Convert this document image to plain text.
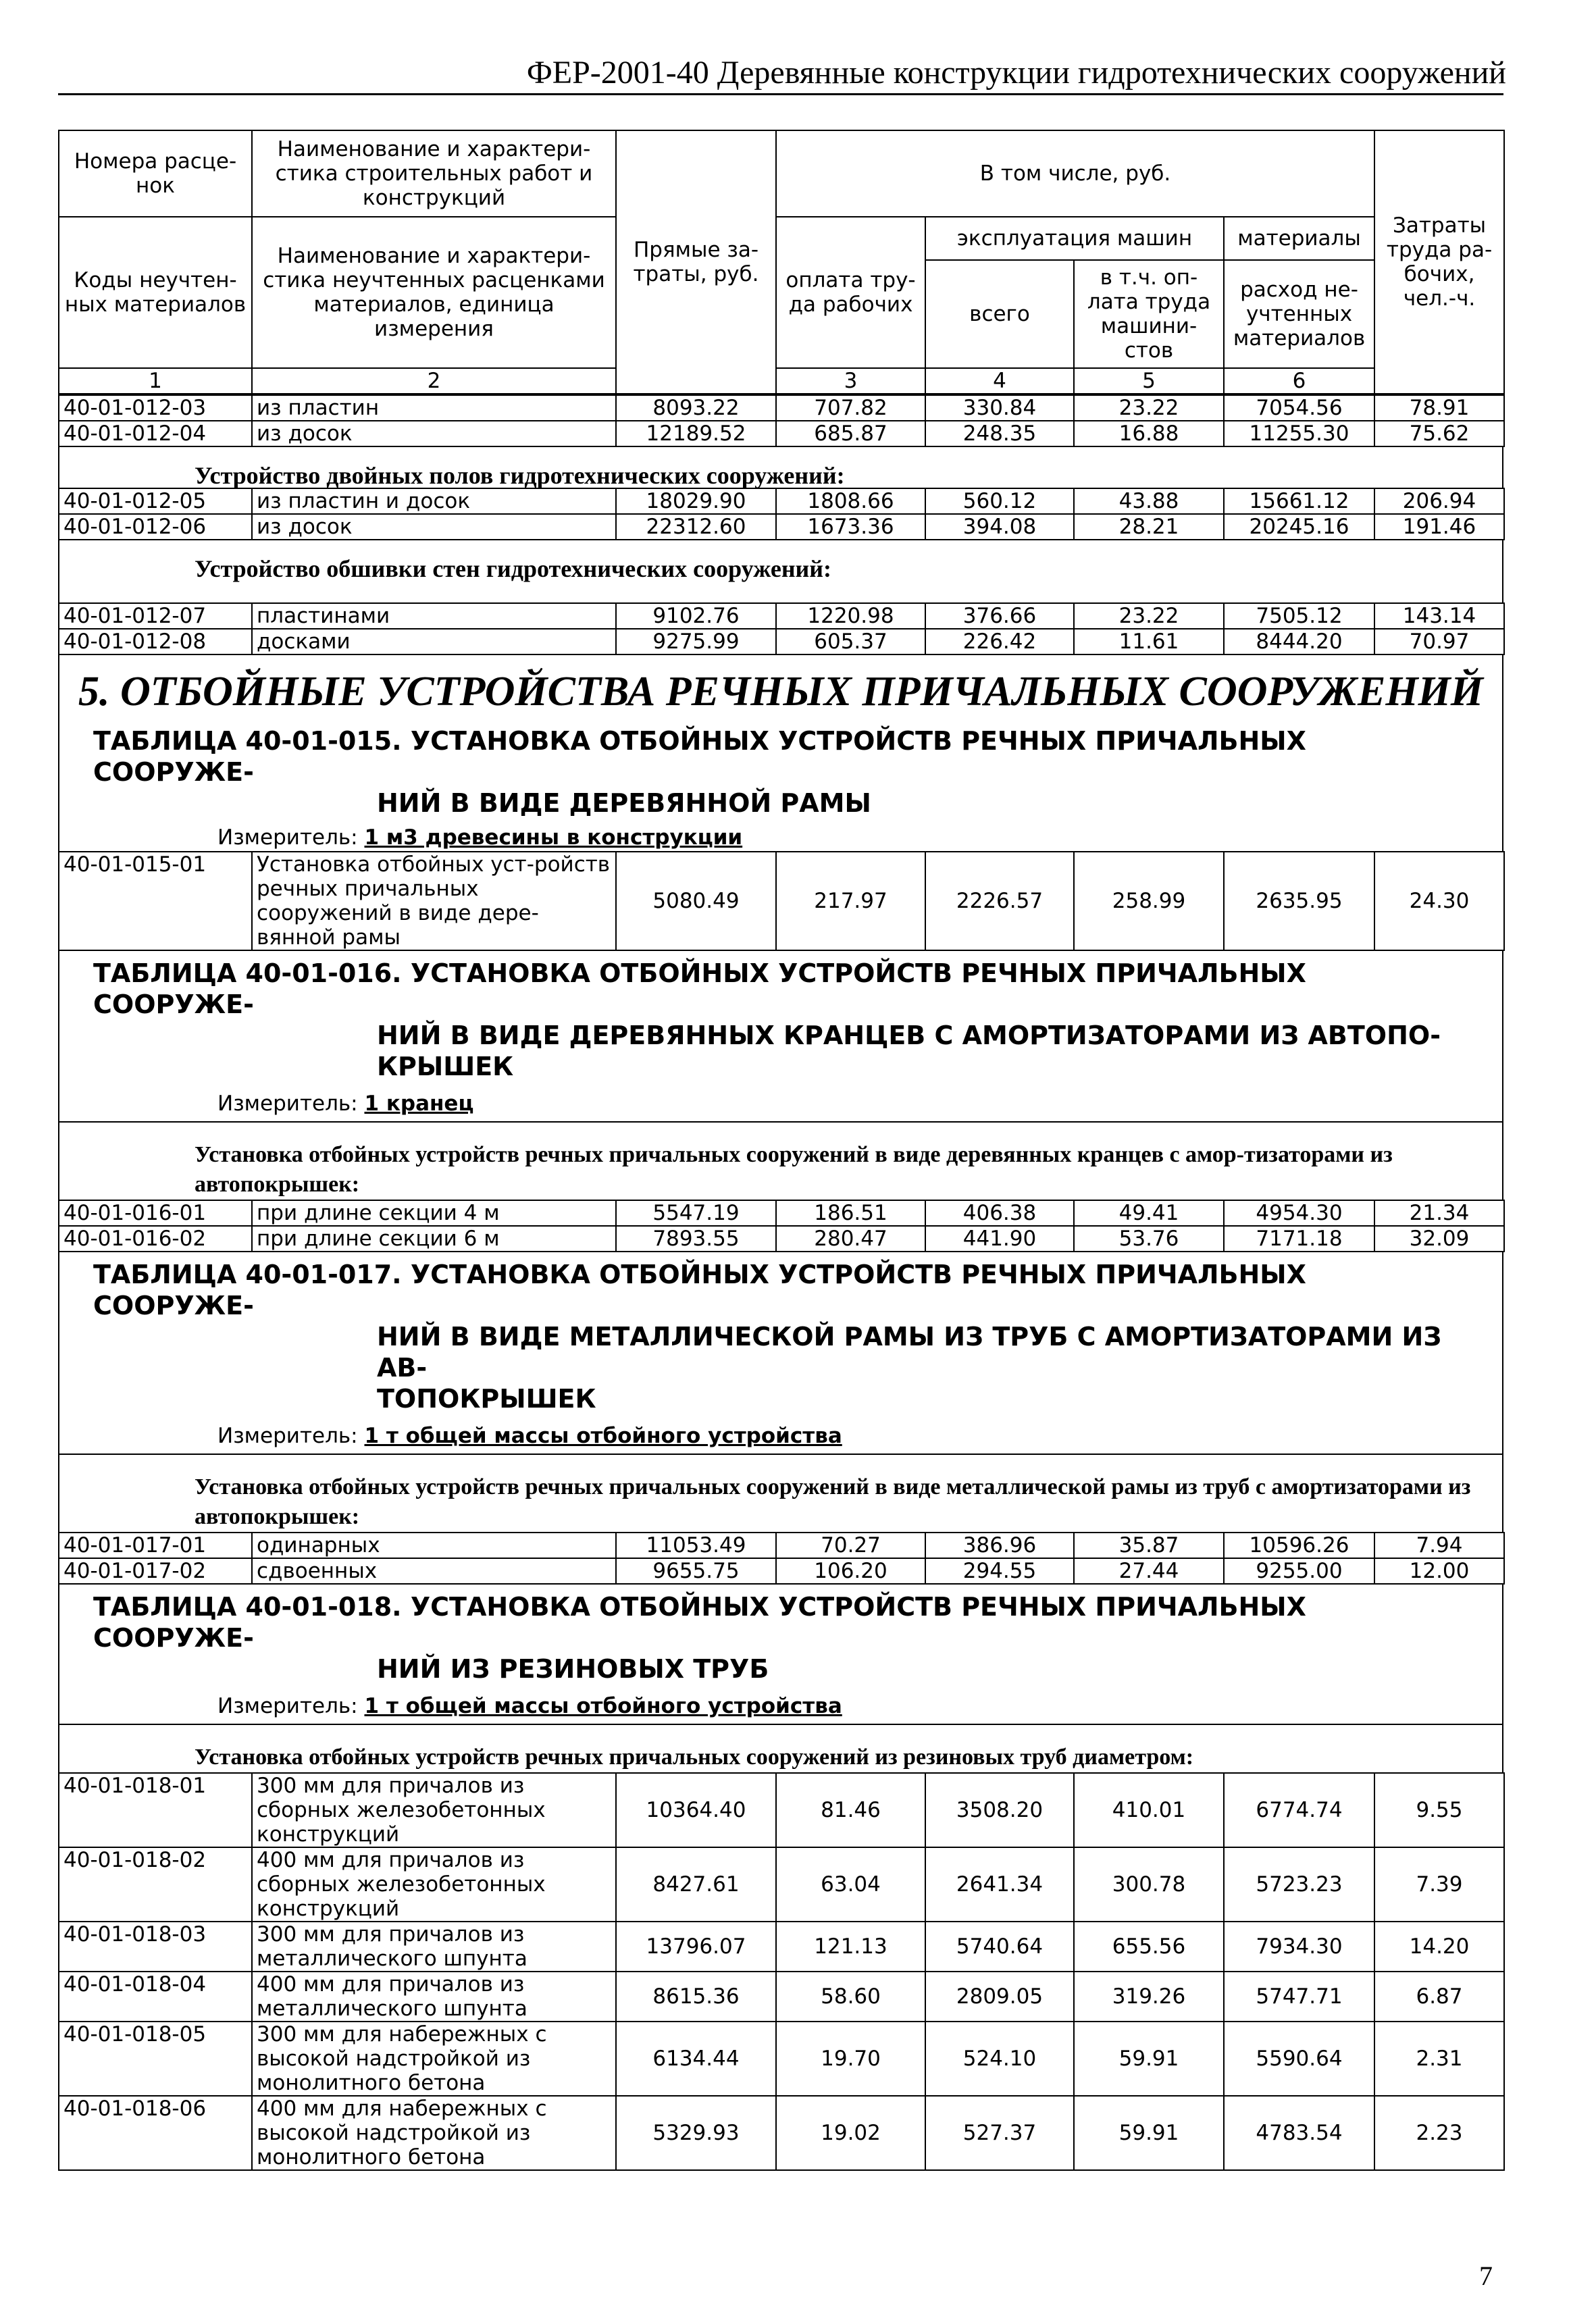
ФЕР-2001-40 Деревянные конструкции гидротехнических сооружений
Номера расце-нок	Наименование и характери-стика строительных работ и конструкций	Прямые за-траты, руб.	В том числе, руб.				Затраты труда ра-бочих, чел.-ч.	
Коды неучтен-ных материалов	Наименование и характери-стика неучтенных расценками материалов, единица измерения		оплата тру-да рабочих	эксплуатация машин		материалы		
				всего	в т.ч. оп-лата труда машини-стов	расход не-учтенных материалов		
1	2		3	4	5	6		
40-01-012-03	из пластин	8093.22	707.82	330.84	23.22	7054.56	78.91
40-01-012-04	из досок	12189.52	685.87	248.35	16.88	11255.30	75.62
Устройство двойных полов гидротехнических сооружений:
40-01-012-05	из пластин и досок	18029.90	1808.66	560.12	43.88	15661.12	206.94
40-01-012-06	из досок	22312.60	1673.36	394.08	28.21	20245.16	191.46
Устройство обшивки стен гидротехнических сооружений:
40-01-012-07	пластинами	9102.76	1220.98	376.66	23.22	7505.12	143.14
40-01-012-08	досками	9275.99	605.37	226.42	11.61	8444.20	70.97
5. ОТБОЙНЫЕ УСТРОЙСТВА РЕЧНЫХ ПРИЧАЛЬНЫХ СООРУЖЕНИЙ
ТАБЛИЦА 40-01-015. УСТАНОВКА ОТБОЙНЫХ УСТРОЙСТВ РЕЧНЫХ ПРИЧАЛЬНЫХ СООРУЖЕ-
НИЙ В ВИДЕ ДЕРЕВЯННОЙ РАМЫ
Измеритель: 1 м3 древесины в конструкции
40-01-015-01	Установка отбойных уст-ройств речных причальных сооружений в виде дере-вянной рамы	5080.49	217.97	2226.57	258.99	2635.95	24.30
ТАБЛИЦА 40-01-016. УСТАНОВКА ОТБОЙНЫХ УСТРОЙСТВ РЕЧНЫХ ПРИЧАЛЬНЫХ СООРУЖЕ-
НИЙ В ВИДЕ ДЕРЕВЯННЫХ КРАНЦЕВ С АМОРТИЗАТОРАМИ ИЗ АВТОПО-
КРЫШЕК
Измеритель: 1 кранец
Установка отбойных устройств речных причальных сооружений в виде деревянных кранцев с амор-тизаторами из автопокрышек:
40-01-016-01	при длине секции 4 м	5547.19	186.51	406.38	49.41	4954.30	21.34
40-01-016-02	при длине секции 6 м	7893.55	280.47	441.90	53.76	7171.18	32.09
ТАБЛИЦА 40-01-017. УСТАНОВКА ОТБОЙНЫХ УСТРОЙСТВ РЕЧНЫХ ПРИЧАЛЬНЫХ СООРУЖЕ-
НИЙ В ВИДЕ МЕТАЛЛИЧЕСКОЙ РАМЫ ИЗ ТРУБ С АМОРТИЗАТОРАМИ ИЗ АВ-
ТОПОКРЫШЕК
Измеритель: 1 т общей массы отбойного устройства
Установка отбойных устройств речных причальных сооружений в виде металлической рамы из труб с амортизаторами из автопокрышек:
40-01-017-01	одинарных	11053.49	70.27	386.96	35.87	10596.26	7.94
40-01-017-02	сдвоенных	9655.75	106.20	294.55	27.44	9255.00	12.00
ТАБЛИЦА 40-01-018. УСТАНОВКА ОТБОЙНЫХ УСТРОЙСТВ РЕЧНЫХ ПРИЧАЛЬНЫХ СООРУЖЕ-
НИЙ ИЗ РЕЗИНОВЫХ ТРУБ
Измеритель: 1 т общей массы отбойного устройства
Установка отбойных устройств речных причальных сооружений из резиновых труб диаметром:
40-01-018-01	300 мм для причалов из сборных железобетонных конструкций	10364.40	81.46	3508.20	410.01	6774.74	9.55
40-01-018-02	400 мм для причалов из сборных железобетонных конструкций	8427.61	63.04	2641.34	300.78	5723.23	7.39
40-01-018-03	300 мм для причалов из металлического шпунта	13796.07	121.13	5740.64	655.56	7934.30	14.20
40-01-018-04	400 мм для причалов из металлического шпунта	8615.36	58.60	2809.05	319.26	5747.71	6.87
40-01-018-05	300 мм для набережных с высокой надстройкой из монолитного бетона	6134.44	19.70	524.10	59.91	5590.64	2.31
40-01-018-06	400 мм для набережных с высокой надстройкой из монолитного бетона	5329.93	19.02	527.37	59.91	4783.54	2.23
7
